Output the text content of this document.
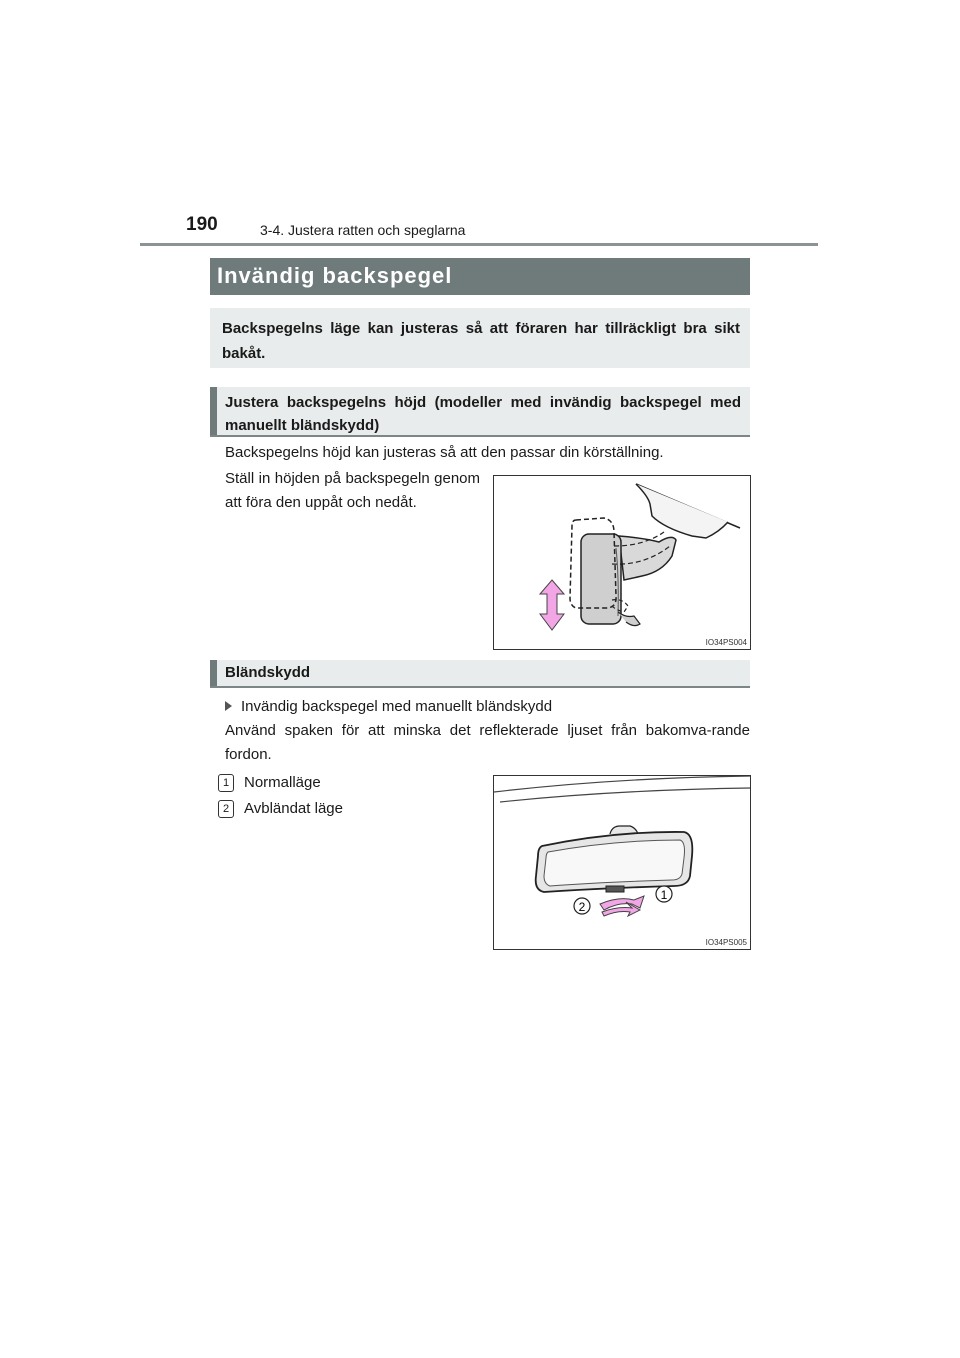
190	3-4. Justera ratten och speglarna
Invändig backspegel
Backspegelns läge kan justeras så att föraren har tillräckligt bra sikt bakåt.
Justera backspegelns höjd (modeller med invändig backspegel med manuellt bländskydd)
Backspegelns höjd kan justeras så att den passar din körställning.
Ställ in höjden på backspegeln genom att föra den uppåt och nedåt.
IO34PS004
Bländskydd
Invändig backspegel med manuellt bländskydd
Använd spaken för att minska det reflekterade ljuset från bakomva-rande fordon.
1 Normalläge
2 Avbländat läge
1
2
IO34PS005
